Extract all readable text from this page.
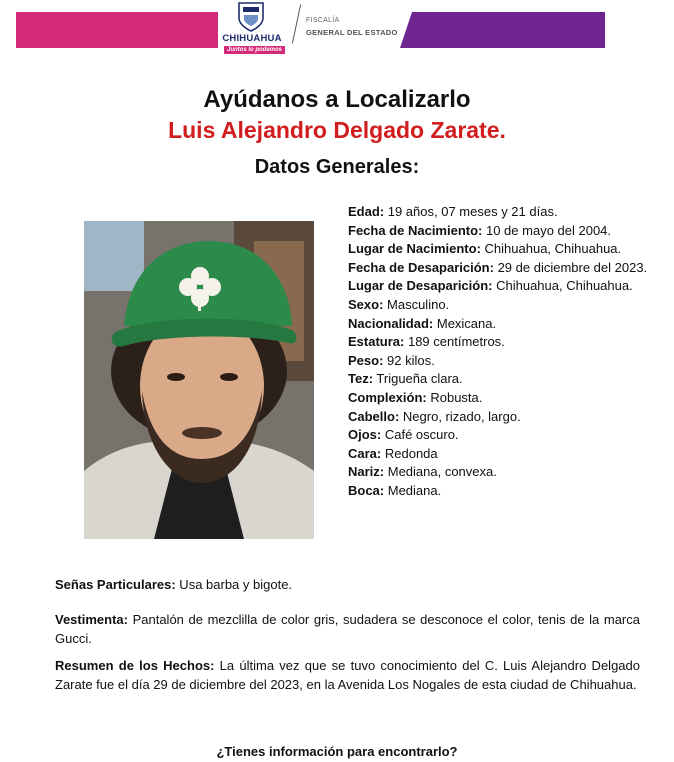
CHIHUAHUA
Juntos lo podemos
FISCALÍA
GENERAL DEL ESTADO
Ayúdanos a Localizarlo
Luis Alejandro Delgado Zarate.
Datos Generales:
Edad: 19 años, 07 meses y 21 días.
Fecha de Nacimiento: 10 de mayo del 2004.
Lugar de Nacimiento: Chihuahua, Chihuahua.
Fecha de Desaparición: 29 de diciembre del 2023.
Lugar de Desaparición: Chihuahua, Chihuahua.
Sexo: Masculino.
Nacionalidad: Mexicana.
Estatura: 189 centímetros.
Peso: 92 kilos.
Tez: Trigueña clara.
Complexión: Robusta.
Cabello: Negro, rizado, largo.
Ojos: Café oscuro.
Cara: Redonda
Nariz: Mediana, convexa.
Boca: Mediana.
Señas Particulares: Usa barba y bigote.
Vestimenta: Pantalón de mezclilla de color gris, sudadera se desconoce el color, tenis de la marca Gucci.
Resumen de los Hechos: La última vez que se tuvo conocimiento del C. Luis Alejandro Delgado Zarate fue el día 29 de diciembre del 2023, en la Avenida Los Nogales de esta ciudad de Chihuahua.
¿Tienes información para encontrarlo?
